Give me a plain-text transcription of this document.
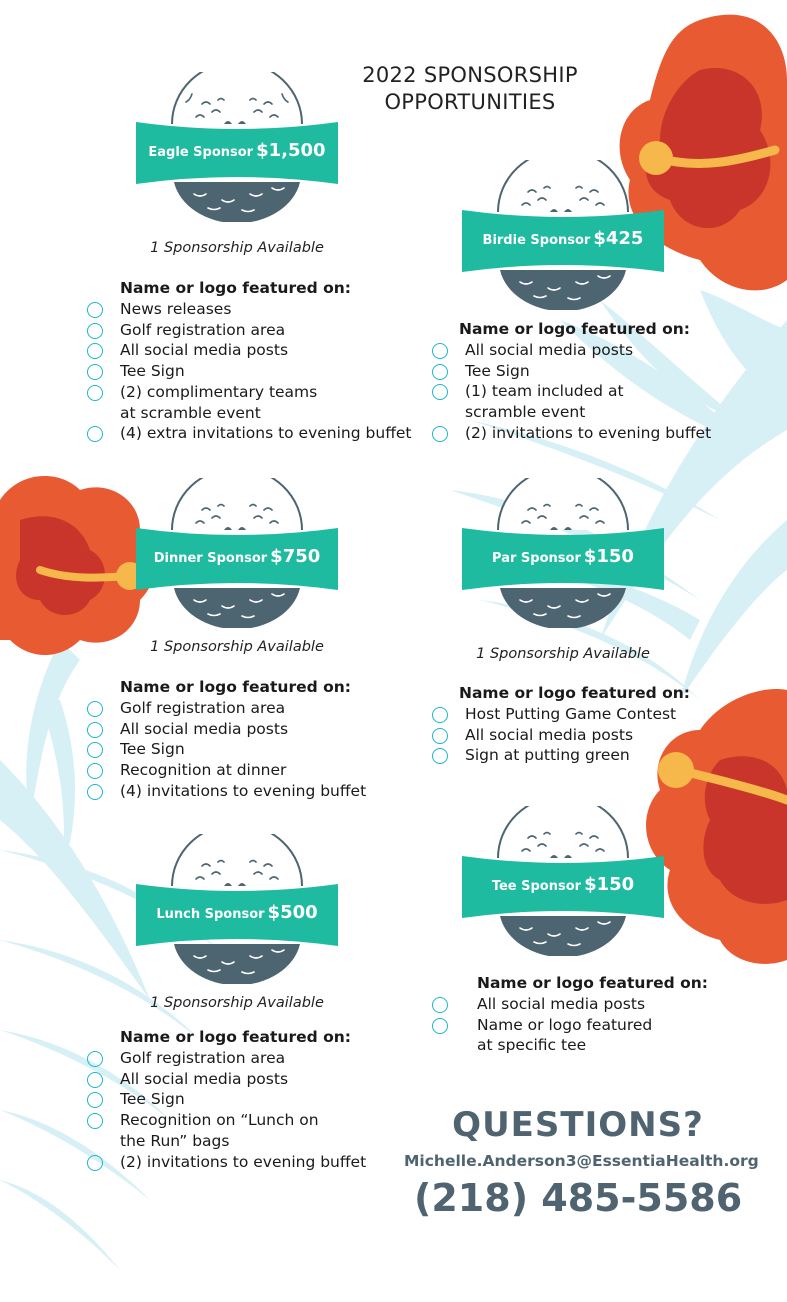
2022 SPONSORSHIP
OPPORTUNITIES
Eagle Sponsor $1,500
1 Sponsorship Available
Name or logo featured on:
News releases
Golf registration area
All social media posts
Tee Sign
(2) complimentary teams
at scramble event
(4) extra invitations to evening buffet
Birdie Sponsor $425
Name or logo featured on:
All social media posts
Tee Sign
(1) team included at
scramble event
(2) invitations to evening buffet
Dinner Sponsor $750
1 Sponsorship Available
Name or logo featured on:
Golf registration area
All social media posts
Tee Sign
Recognition at dinner
(4) invitations to evening buffet
Par Sponsor $150
1 Sponsorship Available
Name or logo featured on:
Host Putting Game Contest
All social media posts
Sign at putting green
Lunch Sponsor $500
1 Sponsorship Available
Name or logo featured on:
Golf registration area
All social media posts
Tee Sign
Recognition on “Lunch on
the Run” bags
(2) invitations to evening buffet
Tee Sponsor $150
Name or logo featured on:
All social media posts
Name or logo featured
at specific tee
QUESTIONS?
Michelle.Anderson3@EssentiaHealth.org
(218) 485-5586
